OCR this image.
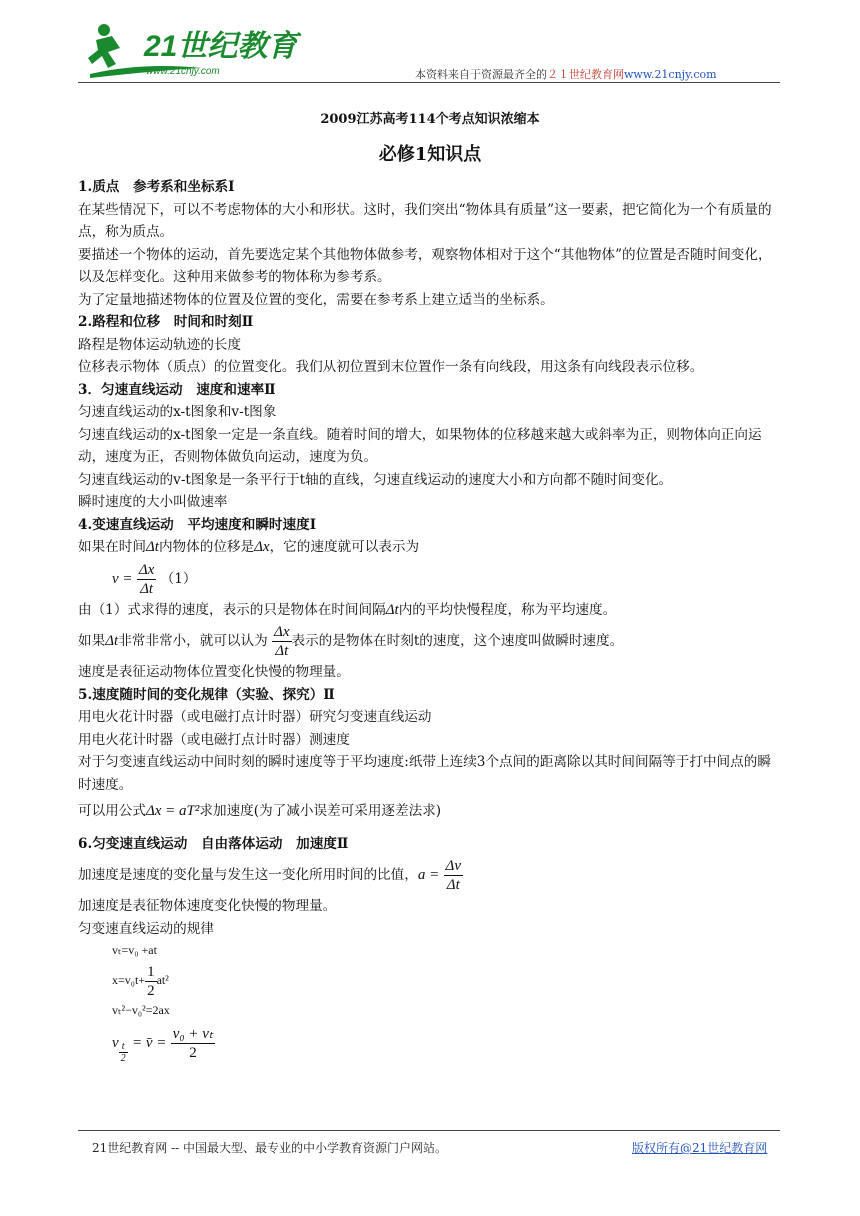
21世纪教育
www.21cnjy.com	本资料来自于资源最齐全的２１世纪教育网www.21cnjy.com
2009江苏高考114个考点知识浓缩本
必修1知识点

1.质点　参考系和坐标系Ⅰ

在某些情况下，可以不考虑物体的大小和形状。这时，我们突出“物体具有质量”这一要素，把它简化为一个有质量的点，称为质点。

要描述一个物体的运动，首先要选定某个其他物体做参考，观察物体相对于这个“其他物体”的位置是否随时间变化，以及怎样变化。这种用来做参考的物体称为参考系。

为了定量地描述物体的位置及位置的变化，需要在参考系上建立适当的坐标系。

2.路程和位移　时间和时刻Ⅱ

路程是物体运动轨迹的长度

位移表示物体（质点）的位置变化。我们从初位置到末位置作一条有向线段，用这条有向线段表示位移。

3．匀速直线运动　速度和速率Ⅱ

匀速直线运动的x-t图象和v-t图象

匀速直线运动的x-t图象一定是一条直线。随着时间的增大，如果物体的位移越来越大或斜率为正，则物体向正向运动，速度为正，否则物体做负向运动，速度为负。

匀速直线运动的v-t图象是一条平行于t轴的直线，匀速直线运动的速度大小和方向都不随时间变化。

瞬时速度的大小叫做速率

4.变速直线运动　平均速度和瞬时速度Ⅰ

如果在时间Δt内物体的位移是Δx，它的速度就可以表示为

$v = \frac{\Delta x}{\Delta t} (1)$

由（1）式求得的速度，表示的只是物体在时间间隔Δt内的平均快慢程度，称为平均速度。

如果Δt非常非常小，就可以认为 $\frac{\Delta x}{\Delta t}$ 表示的是物体在时刻t的速度，这个速度叫做瞬时速度。

速度是表征运动物体位置变化快慢的物理量。

5.速度随时间的变化规律（实验、探究）Ⅱ

用电火花计时器（或电磁打点计时器）研究匀变速直线运动

用电火花计时器（或电磁打点计时器）测速度

对于匀变速直线运动中间时刻的瞬时速度等于平均速度:纸带上连续3个点间的距离除以其时间间隔等于打中间点的瞬时速度。

可以用公式Δx = aT²求加速度(为了减小误差可采用逐差法求)

6.匀变速直线运动　自由落体运动　加速度Ⅱ

加速度是速度的变化量与发生这一变化所用时间的比值，$a = \frac{\Delta v}{\Delta t}$

加速度是表征物体速度变化快慢的物理量。

匀变速直线运动的规律

vₜ=v₀ +at

$x=v_0t+ \frac{1}{2} at^2$

vₜ²−v₀²=2ax

v $\frac{t}{2}$ = v̄ = $\frac{\text{v₀ + vₜ}}{2}$

21世纪教育网 -- 中国最大型、最专业的中小学教育资源门户网站。	版权所有@21世纪教育网
